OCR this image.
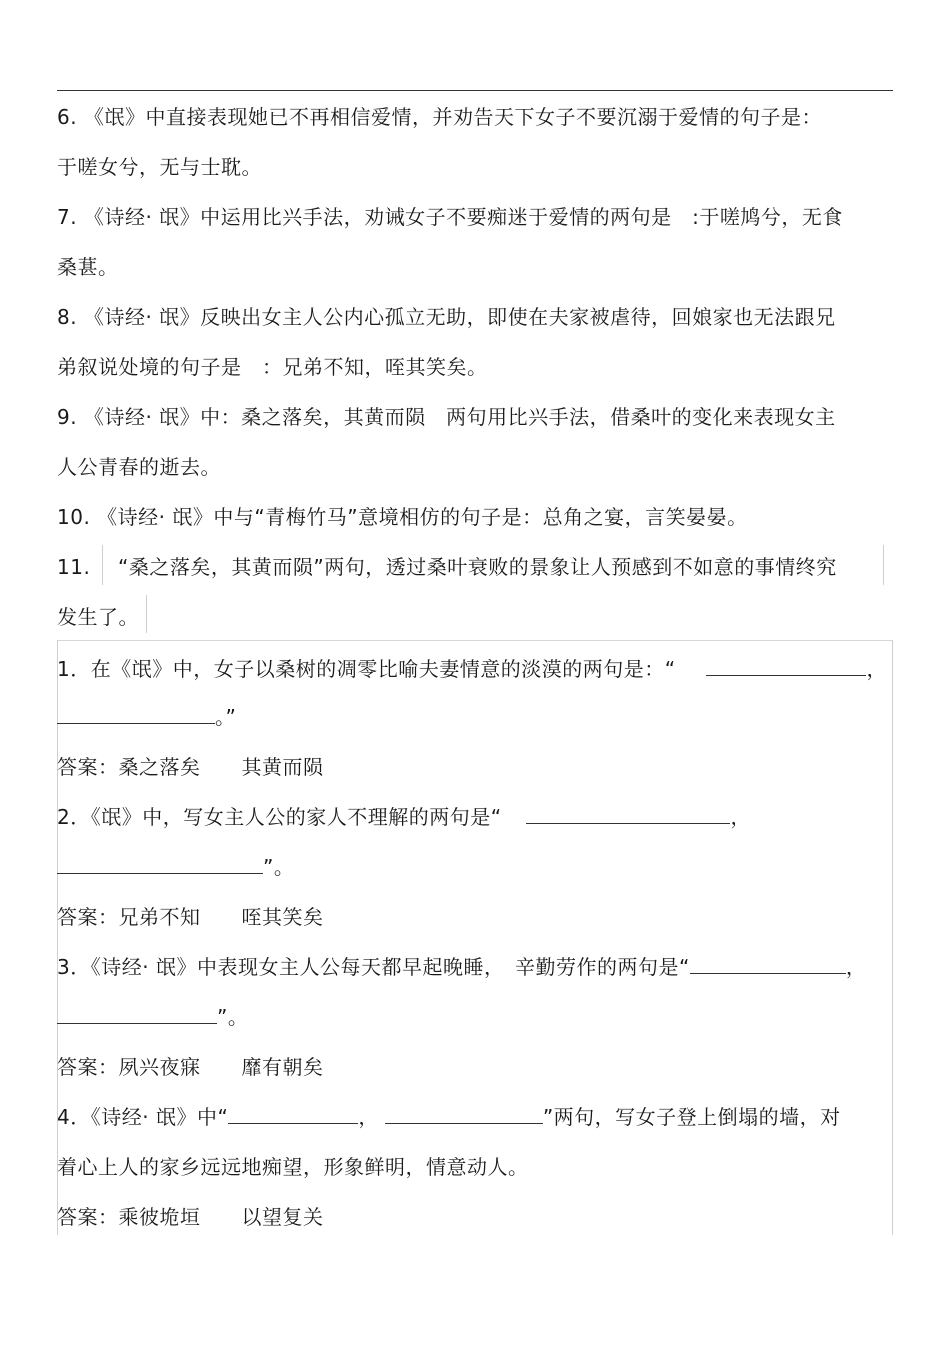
6. 《氓》中直接表现她已不再相信爱情，并劝告天下女子不要沉溺于爱情的句子是：
于嗟女兮，无与士耽。
7. 《诗经· 氓》中运用比兴手法，劝诫女子不要痴迷于爱情的两句是　:于嗟鸠兮，无食
桑葚。
8. 《诗经· 氓》反映出女主人公内心孤立无助，即使在夫家被虐待，回娘家也无法跟兄
弟叙说处境的句子是　：兄弟不知，咥其笑矣。
9. 《诗经· 氓》中：桑之落矣，其黄而陨　两句用比兴手法，借桑叶的变化来表现女主
人公青春的逝去。
10. 《诗经· 氓》中与“青梅竹马”意境相仿的句子是：总角之宴，言笑晏晏。
11. “桑之落矣，其黄而陨”两句，透过桑叶衰败的景象让人预感到不如意的事情终究
发生了。
1．在《氓》中，女子以桑树的凋零比喻夫妻情意的淡漠的两句是：“	，
。”
答案：桑之落矣　　其黄而陨
2．《氓》中，写女主人公的家人不理解的两句是“	，
”。
答案：兄弟不知　　咥其笑矣
3．《诗经· 氓》中表现女主人公每天都早起晚睡，　辛勤劳作的两句是“	，
”。
答案：夙兴夜寐　　靡有朝矣
4．《诗经· 氓》中“	，	”两句，写女子登上倒塌的墙，对
着心上人的家乡远远地痴望，形象鲜明，情意动人。
答案：乘彼垝垣　　以望复关
